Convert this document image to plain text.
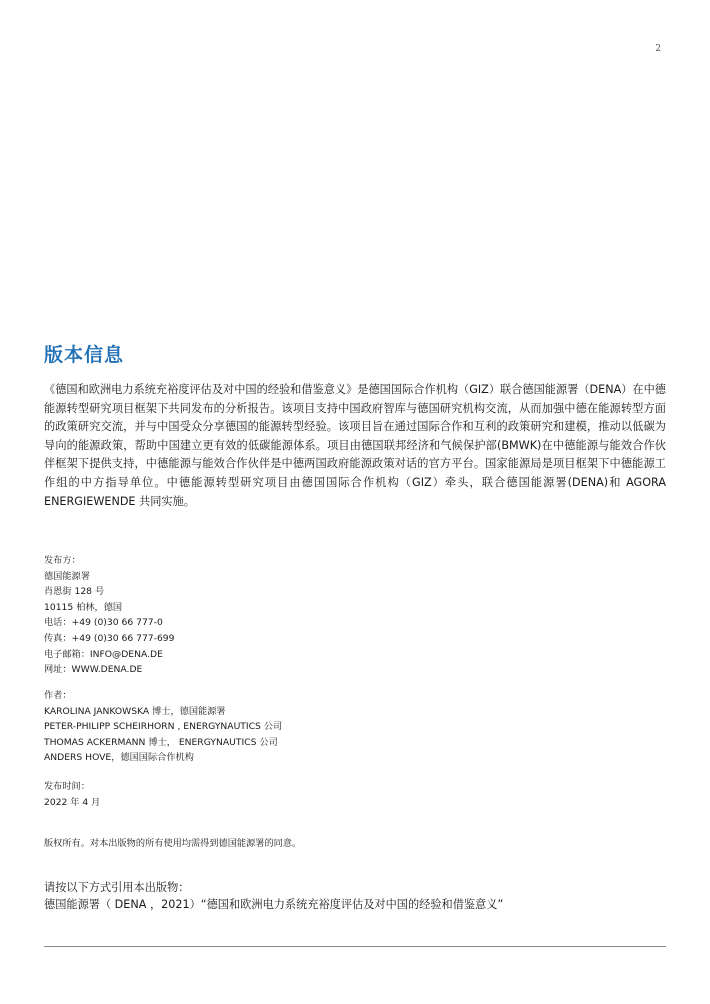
2
版本信息

《德国和欧洲电力系统充裕度评估及对中国的经验和借鉴意义》是德国国际合作机构（GIZ）联合德国能源署（DENA）在中德能源转型研究项目框架下共同发布的分析报告。该项目支持中国政府智库与德国研究机构交流，从而加强中德在能源转型方面的政策研究交流，并与中国受众分享德国的能源转型经验。该项目旨在通过国际合作和互利的政策研究和建模，推动以低碳为导向的能源政策，帮助中国建立更有效的低碳能源体系。项目由德国联邦经济和气候保护部(BMWK)在中德能源与能效合作伙伴框架下提供支持，中德能源与能效合作伙伴是中德两国政府能源政策对话的官方平台。国家能源局是项目框架下中德能源工作组的中方指导单位。中德能源转型研究项目由德国国际合作机构（GIZ）牵头，联合德国能源署(DENA)和 AGORA ENERGIEWENDE 共同实施。

发布方：
德国能源署
肖恩街 128 号
10115 柏林，德国
电话：+49 (0)30 66 777-0
传真：+49 (0)30 66 777-699
电子邮箱：INFO@DENA.DE
网址：WWW.DENA.DE
作者：
KAROLINA JANKOWSKA 博士，德国能源署
PETER-PHILIPP SCHEIRHORN , ENERGYNAUTICS 公司
THOMAS ACKERMANN 博士， ENERGYNAUTICS 公司
ANDERS HOVE，德国国际合作机构
发布时间：
2022 年 4 月
版权所有。对本出版物的所有使用均需得到德国能源署的同意。
请按以下方式引用本出版物：
德国能源署（ DENA ，2021）“德国和欧洲电力系统充裕度评估及对中国的经验和借鉴意义”
